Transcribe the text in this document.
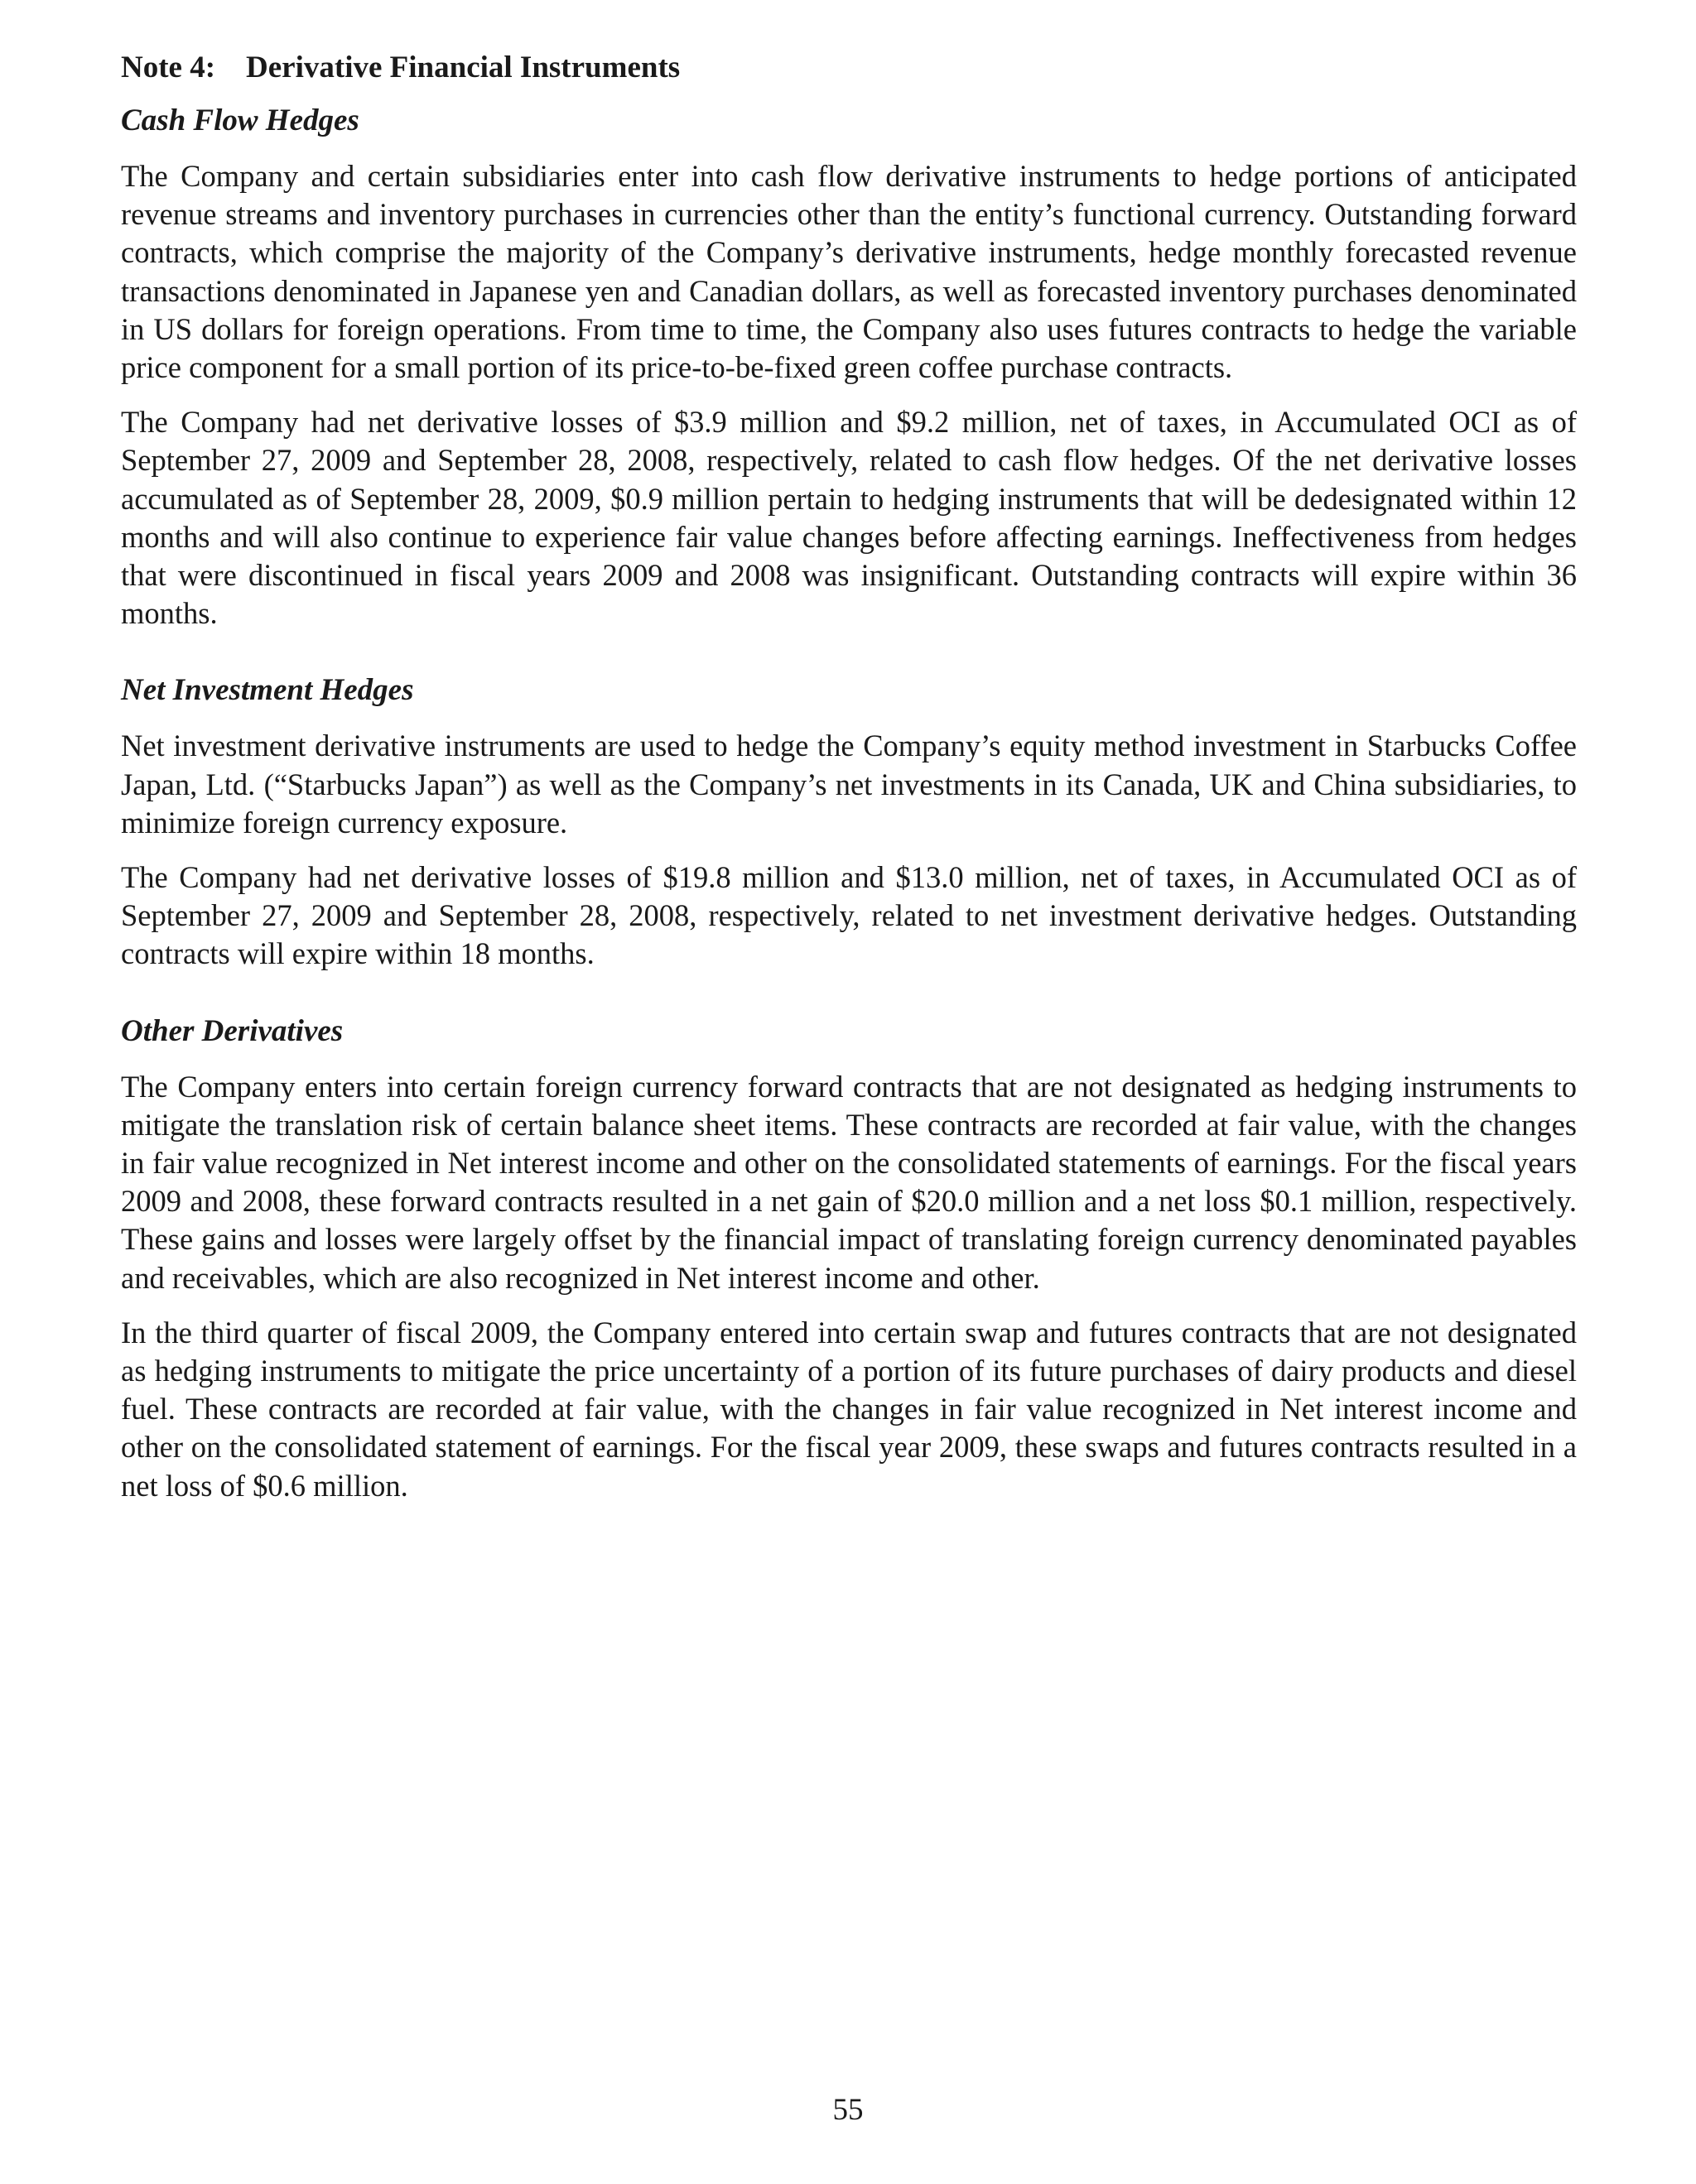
Note 4: Derivative Financial Instruments
Cash Flow Hedges

The Company and certain subsidiaries enter into cash flow derivative instruments to hedge portions of anticipated revenue streams and inventory purchases in currencies other than the entity’s functional currency. Outstanding forward contracts, which comprise the majority of the Company’s derivative instruments, hedge monthly forecasted revenue transactions denominated in Japanese yen and Canadian dollars, as well as forecasted inventory purchases denominated in US dollars for foreign operations. From time to time, the Company also uses futures contracts to hedge the variable price component for a small portion of its price-to-be-fixed green coffee purchase contracts.

The Company had net derivative losses of $3.9 million and $9.2 million, net of taxes, in Accumulated OCI as of September 27, 2009 and September 28, 2008, respectively, related to cash flow hedges. Of the net derivative losses accumulated as of September 28, 2009, $0.9 million pertain to hedging instruments that will be dedesignated within 12 months and will also continue to experience fair value changes before affecting earnings. Ineffectiveness from hedges that were discontinued in fiscal years 2009 and 2008 was insignificant. Outstanding contracts will expire within 36 months.

Net Investment Hedges

Net investment derivative instruments are used to hedge the Company’s equity method investment in Starbucks Coffee Japan, Ltd. (“Starbucks Japan”) as well as the Company’s net investments in its Canada, UK and China subsidiaries, to minimize foreign currency exposure.

The Company had net derivative losses of $19.8 million and $13.0 million, net of taxes, in Accumulated OCI as of September 27, 2009 and September 28, 2008, respectively, related to net investment derivative hedges. Outstanding contracts will expire within 18 months.

Other Derivatives

The Company enters into certain foreign currency forward contracts that are not designated as hedging instruments to mitigate the translation risk of certain balance sheet items. These contracts are recorded at fair value, with the changes in fair value recognized in Net interest income and other on the consolidated statements of earnings. For the fiscal years 2009 and 2008, these forward contracts resulted in a net gain of $20.0 million and a net loss $0.1 million, respectively. These gains and losses were largely offset by the financial impact of translating foreign currency denominated payables and receivables, which are also recognized in Net interest income and other.

In the third quarter of fiscal 2009, the Company entered into certain swap and futures contracts that are not designated as hedging instruments to mitigate the price uncertainty of a portion of its future purchases of dairy products and diesel fuel. These contracts are recorded at fair value, with the changes in fair value recognized in Net interest income and other on the consolidated statement of earnings. For the fiscal year 2009, these swaps and futures contracts resulted in a net loss of $0.6 million.

55
